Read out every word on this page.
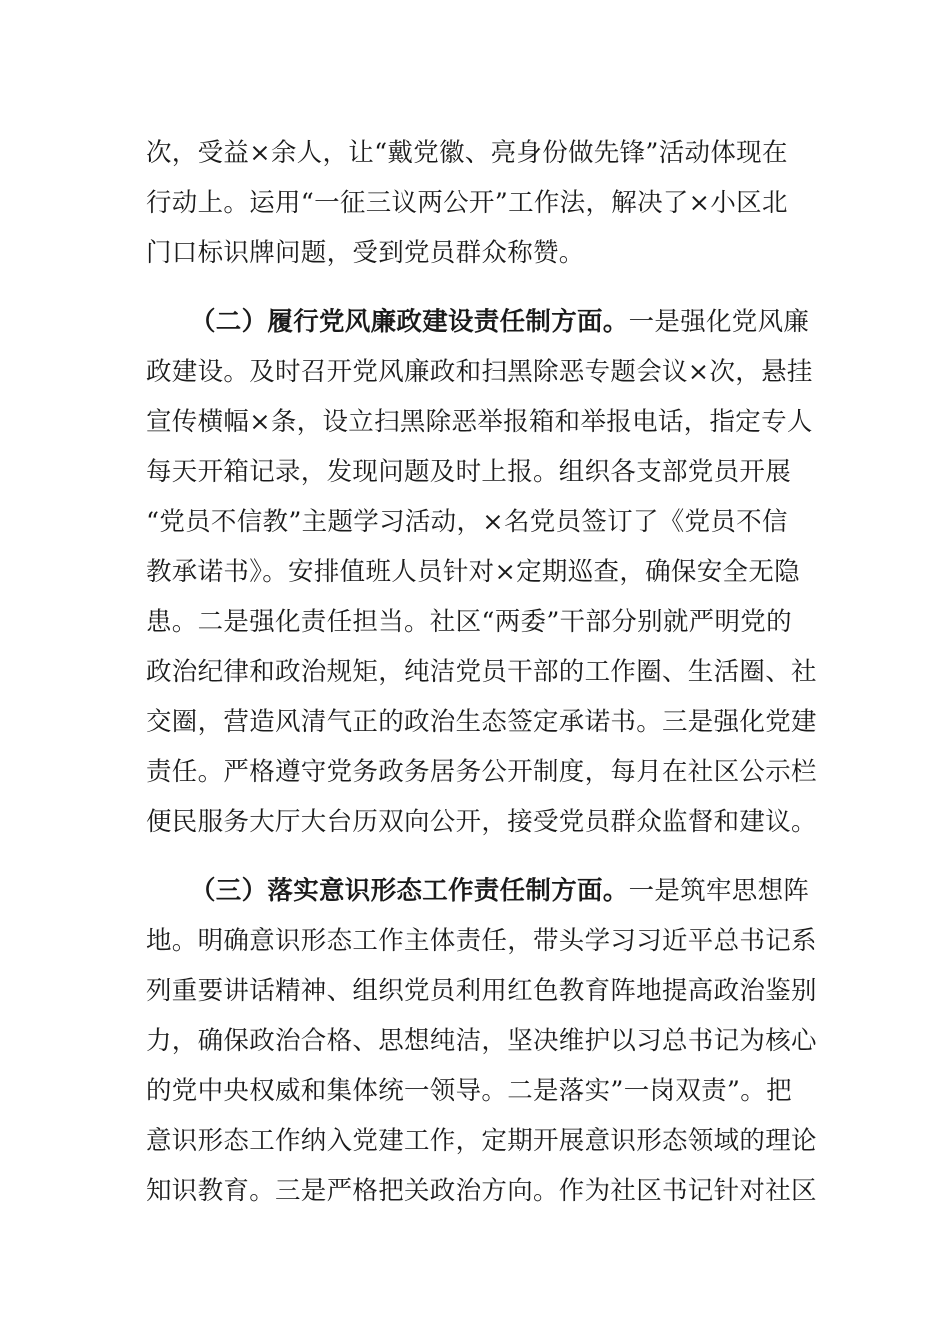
次，受益×余人，让“戴党徽、亮身份做先锋”活动体现在
行动上。运用“一征三议两公开”工作法，解决了×小区北
门口标识牌问题，受到党员群众称赞。
（二）履行党风廉政建设责任制方面。一是强化党风廉
政建设。及时召开党风廉政和扫黑除恶专题会议×次，悬挂
宣传横幅×条，设立扫黑除恶举报箱和举报电话，指定专人
每天开箱记录，发现问题及时上报。组织各支部党员开展
“党员不信教”主题学习活动，×名党员签订了《党员不信
教承诺书》。安排值班人员针对×定期巡查，确保安全无隐
患。二是强化责任担当。社区“两委”干部分别就严明党的
政治纪律和政治规矩，纯洁党员干部的工作圈、生活圈、社
交圈，营造风清气正的政治生态签定承诺书。三是强化党建
责任。严格遵守党务政务居务公开制度，每月在社区公示栏
便民服务大厅大台历双向公开，接受党员群众监督和建议。
（三）落实意识形态工作责任制方面。一是筑牢思想阵
地。明确意识形态工作主体责任，带头学习习近平总书记系
列重要讲话精神、组织党员利用红色教育阵地提高政治鉴别
力，确保政治合格、思想纯洁，坚决维护以习总书记为核心
的党中央权威和集体统一领导。二是落实”一岗双责”。把
意识形态工作纳入党建工作，定期开展意识形态领域的理论
知识教育。三是严格把关政治方向。作为社区书记针对社区
